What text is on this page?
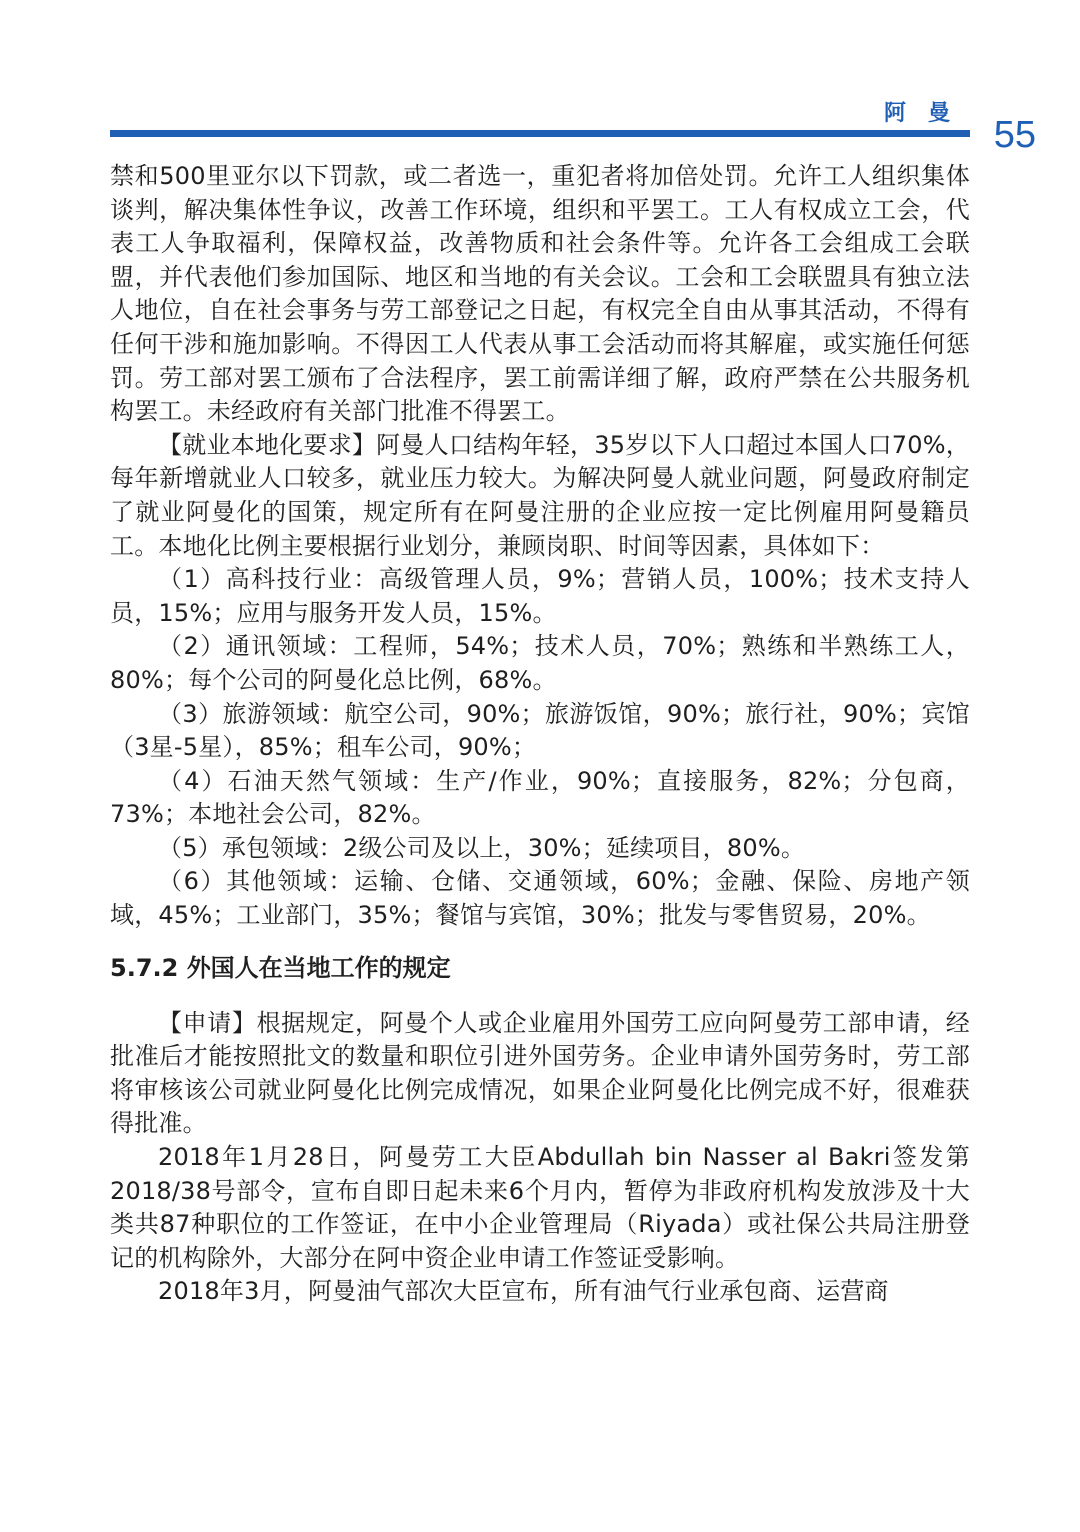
阿曼
55

禁和500里亚尔以下罚款，或二者选一，重犯者将加倍处罚。允许工人组织集体谈判，解决集体性争议，改善工作环境，组织和平罢工。工人有权成立工会，代表工人争取福利，保障权益，改善物质和社会条件等。允许各工会组成工会联盟，并代表他们参加国际、地区和当地的有关会议。工会和工会联盟具有独立法人地位，自在社会事务与劳工部登记之日起，有权完全自由从事其活动，不得有任何干涉和施加影响。不得因工人代表从事工会活动而将其解雇，或实施任何惩罚。劳工部对罢工颁布了合法程序，罢工前需详细了解，政府严禁在公共服务机构罢工。未经政府有关部门批准不得罢工。

【就业本地化要求】阿曼人口结构年轻，35岁以下人口超过本国人口70%，每年新增就业人口较多，就业压力较大。为解决阿曼人就业问题，阿曼政府制定了就业阿曼化的国策，规定所有在阿曼注册的企业应按一定比例雇用阿曼籍员工。本地化比例主要根据行业划分，兼顾岗职、时间等因素，具体如下：

（1）高科技行业：高级管理人员，9%；营销人员，100%；技术支持人员，15%；应用与服务开发人员，15%。

（2）通讯领域：工程师，54%；技术人员，70%；熟练和半熟练工人，80%；每个公司的阿曼化总比例，68%。

（3）旅游领域：航空公司，90%；旅游饭馆，90%；旅行社，90%；宾馆（3星-5星），85%；租车公司，90%；

（4）石油天然气领域：生产/作业，90%；直接服务，82%；分包商，73%；本地社会公司，82%。

（5）承包领域：2级公司及以上，30%；延续项目，80%。

（6）其他领域：运输、仓储、交通领域，60%；金融、保险、房地产领域，45%；工业部门，35%；餐馆与宾馆，30%；批发与零售贸易，20%。

5.7.2 外国人在当地工作的规定

【申请】根据规定，阿曼个人或企业雇用外国劳工应向阿曼劳工部申请，经批准后才能按照批文的数量和职位引进外国劳务。企业申请外国劳务时，劳工部将审核该公司就业阿曼化比例完成情况，如果企业阿曼化比例完成不好，很难获得批准。

2018年1月28日，阿曼劳工大臣Abdullah bin Nasser al Bakri签发第2018/38号部令，宣布自即日起未来6个月内，暂停为非政府机构发放涉及十大类共87种职位的工作签证，在中小企业管理局（Riyada）或社保公共局注册登记的机构除外，大部分在阿中资企业申请工作签证受影响。

2018年3月，阿曼油气部次大臣宣布，所有油气行业承包商、运营商
